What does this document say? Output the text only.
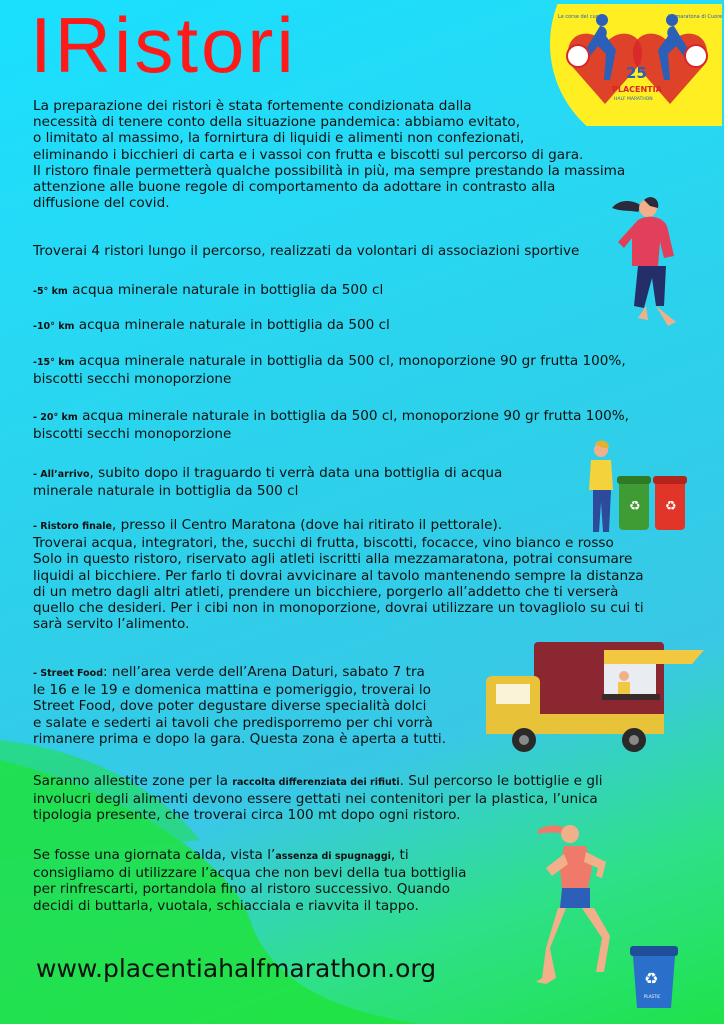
IRistori	Le corse del cuore	La maratona di Cuore
25
PLACENTIA
HALF MARATHON
La preparazione dei ristori è stata fortemente condizionata dalla
necessità di tenere conto della situazione pandemica: abbiamo evitato,
o limitato al massimo, la fornirtura di liquidi e alimenti non confezionati,
eliminando i bicchieri di carta e i vassoi con frutta e biscotti sul percorso di gara.
Il ristoro finale permetterà qualche possibilità in più, ma sempre prestando la massima
attenzione alle buone regole di comportamento da adottare in contrasto alla
diffusione del covid.
Troverai 4 ristori lungo il percorso, realizzati da volontari di associazioni sportive
-5° km acqua minerale naturale in bottiglia da 500 cl
-10° km acqua minerale naturale in bottiglia da 500 cl
-15° km acqua minerale naturale in bottiglia da 500 cl, monoporzione 90 gr frutta 100%,
biscotti secchi monoporzione
- 20° km acqua minerale naturale in bottiglia da 500 cl, monoporzione 90 gr frutta 100%,
biscotti secchi monoporzione
- All’arrivo, subito dopo il traguardo ti verrà data una bottiglia di acqua
minerale naturale in bottiglia da 500 cl
- Ristoro finale, presso il Centro Maratona (dove hai ritirato il pettorale).
Troverai acqua, integratori, the, succhi di frutta, biscotti, focacce, vino bianco e rosso
Solo in questo ristoro, riservato agli atleti iscritti alla mezzamaratona, potrai consumare
liquidi al bicchiere. Per farlo ti dovrai avvicinare al tavolo mantenendo sempre la distanza
di un metro dagli altri atleti, prendere un bicchiere, porgerlo all’addetto che ti verserà
quello che desideri. Per i cibi non in monoporzione, dovrai utilizzare un tovagliolo su cui ti
sarà servito l’alimento.
- Street Food: nell’area verde dell’Arena Daturi, sabato 7 tra
le 16 e le 19 e domenica mattina e pomeriggio, troverai lo
Street Food, dove poter degustare diverse specialità dolci
e salate e sederti ai tavoli che predisporremo per chi vorrà
rimanere prima e dopo la gara. Questa zona è aperta a tutti.
Saranno allestite zone per la raccolta differenziata dei rifiuti. Sul percorso le bottiglie e gli
involucri degli alimenti devono essere gettati nei contenitori per la plastica, l’unica
tipologia presente, che troverai circa 100 mt dopo ogni ristoro.
Se fosse una giornata calda, vista l’assenza di spugnaggi, ti
consigliamo di utilizzare l’acqua che non bevi della tua bottiglia
per rinfrescarti, portandola fino al ristoro successivo. Quando
decidi di buttarla, vuotala, schiacciala e riavvita il tappo.
www.placentiahalfmarathon.org
♻ ♻
♻
PLASTIC
